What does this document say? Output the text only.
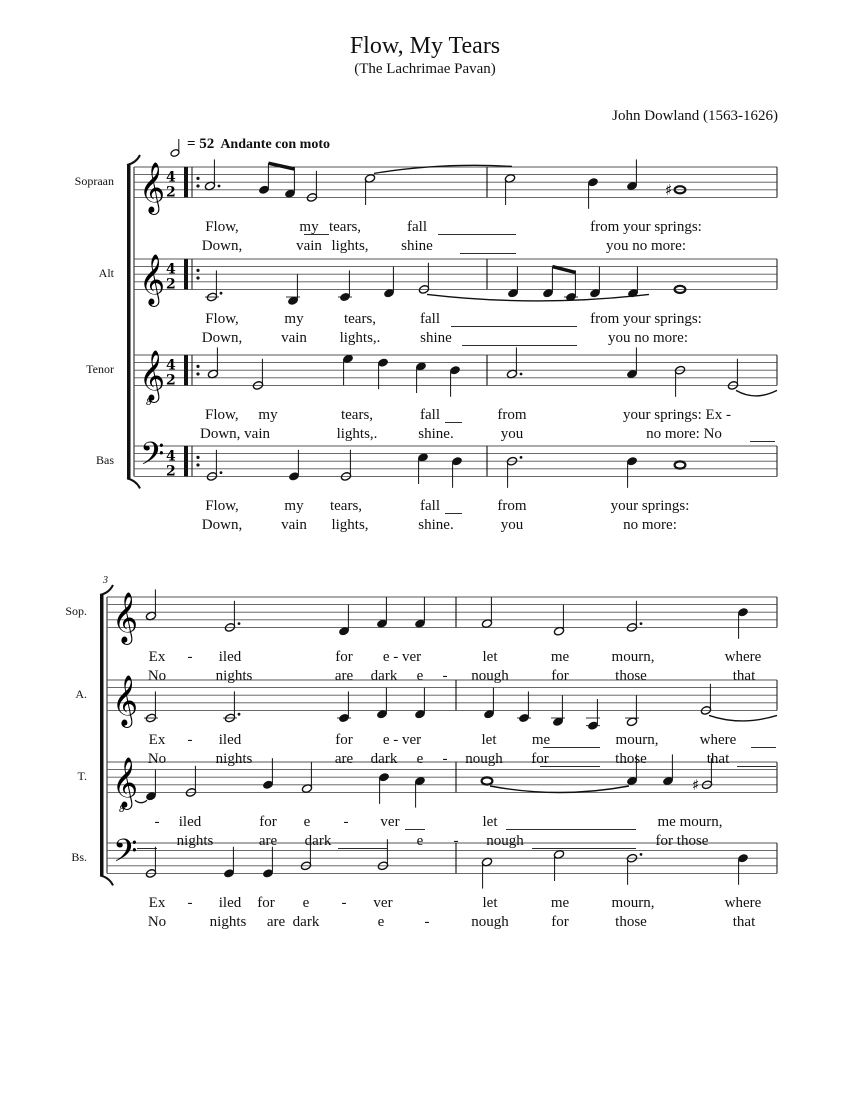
Flow, My Tears
(The Lachrimae Pavan)
John Dowland (1563-1626)
= 52 Andante con moto
𝄞 4
2	♯
𝄞 4
2
𝄞
8
4
2
𝄢 4
2
𝄞
𝄞
𝄞
8
♯
𝄢
Sopraan
Flow,	my tears,	fall	from your springs:
Down,	vain lights, shine	you no more:
Alt
Flow,	my	tears,	fall	from your springs:
Down,	vain lights,.	shine	you no more:
Tenor
Flow, my	tears,	fall	from	your springs: Ex -
Down, vain	lights,.	shine.	you	no more: No
Bas
Flow,	my tears,	fall	from	your springs:
Down,	vain lights,	shine.	you	no more:
3
Sop.
Ex - iled	for e - ver	let	me	mourn,	where
No	nights	are dark e - nough	for	those	that
A.
Ex - iled	for e - ver	let me	mourn,	where
No	nights	are dark e - nough for	those	that
T.
- iled	for e - ver	let	me mourn,
nights	are dark	e - nough	for those
Bs.
Ex - iled for e - ver	let	me	mourn,	where
No	nights are dark	e	-	nough	for	those	that
